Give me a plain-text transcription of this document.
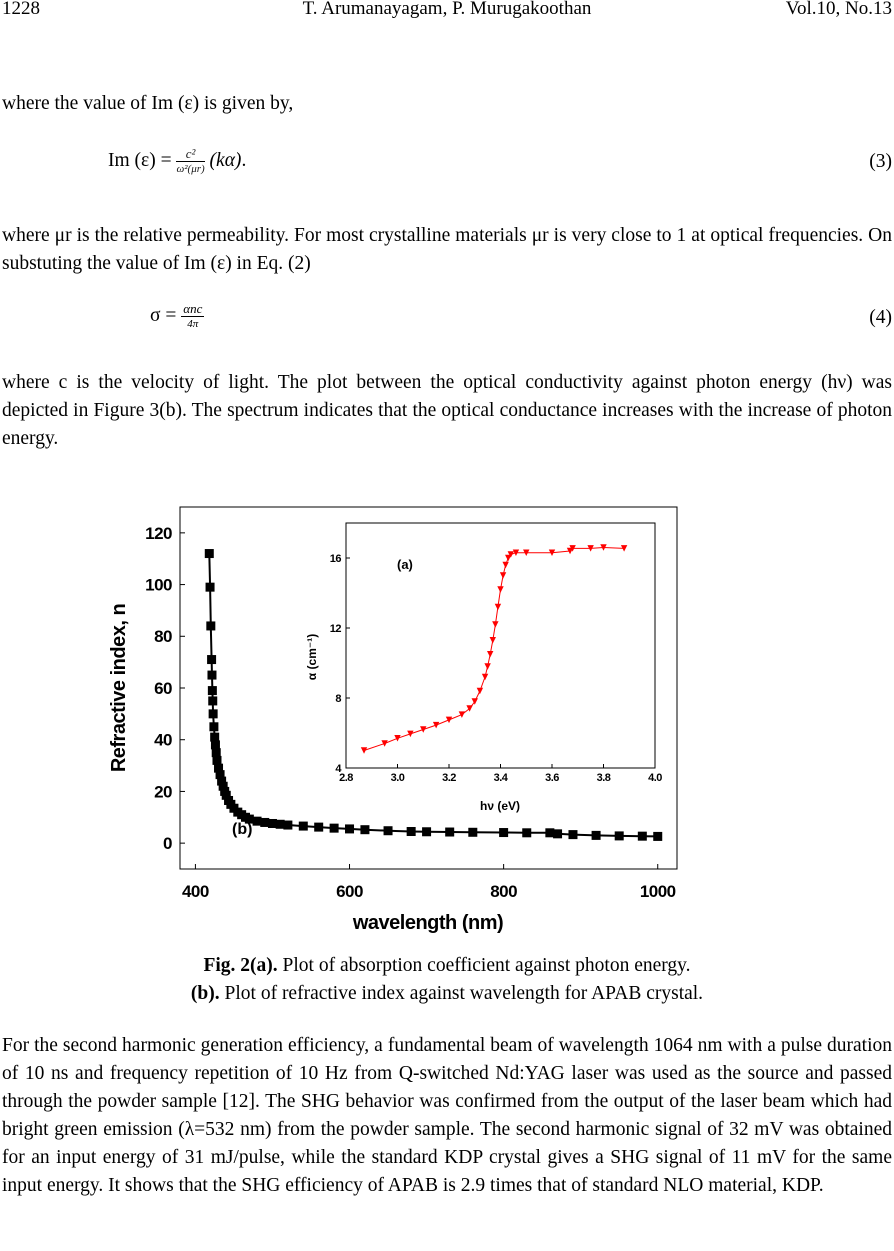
1228	T. Arumanayagam, P. Murugakoothan	Vol.10, No.13
where the value of Im (ε) is given by,
Im $(\varepsilon) = \frac{\text{c²}}{\text{ω²(μr)}} (k\alpha)$.	(3)
where μr is the relative permeability. For most crystalline materials μr is very close to 1 at optical frequencies. On substuting the value of Im (ε) in Eq. (2)
$\sigma = \frac{\text{αnc}}{4\pi}$	(4)
where c is the velocity of light. The plot between the optical conductivity against photon energy (hν) was depicted in Figure 3(b). The spectrum indicates that the optical conductance increases with the increase of photon energy.
400	600	800	1000
0
20
40
60
80
100
120
(b)
wavelength (nm)
Refractive index, n
2.8	3.0	3.2	3.4	3.6	3.8	4.0
4
8
12
16	(a)
hν (eV)
α (cm⁻¹)
Fig. 2(a). Plot of absorption coefficient against photon energy.
(b). Plot of refractive index against wavelength for APAB crystal.
For the second harmonic generation efficiency, a fundamental beam of wavelength 1064 nm with a pulse duration of 10 ns and frequency repetition of 10 Hz from Q-switched Nd:YAG laser was used as the source and passed through the powder sample [12]. The SHG behavior was confirmed from the output of the laser beam which had bright green emission (λ=532 nm) from the powder sample. The second harmonic signal of 32 mV was obtained for an input energy of 31 mJ/pulse, while the standard KDP crystal gives a SHG signal of 11 mV for the same input energy. It shows that the SHG efficiency of APAB is 2.9 times that of standard NLO material, KDP.
